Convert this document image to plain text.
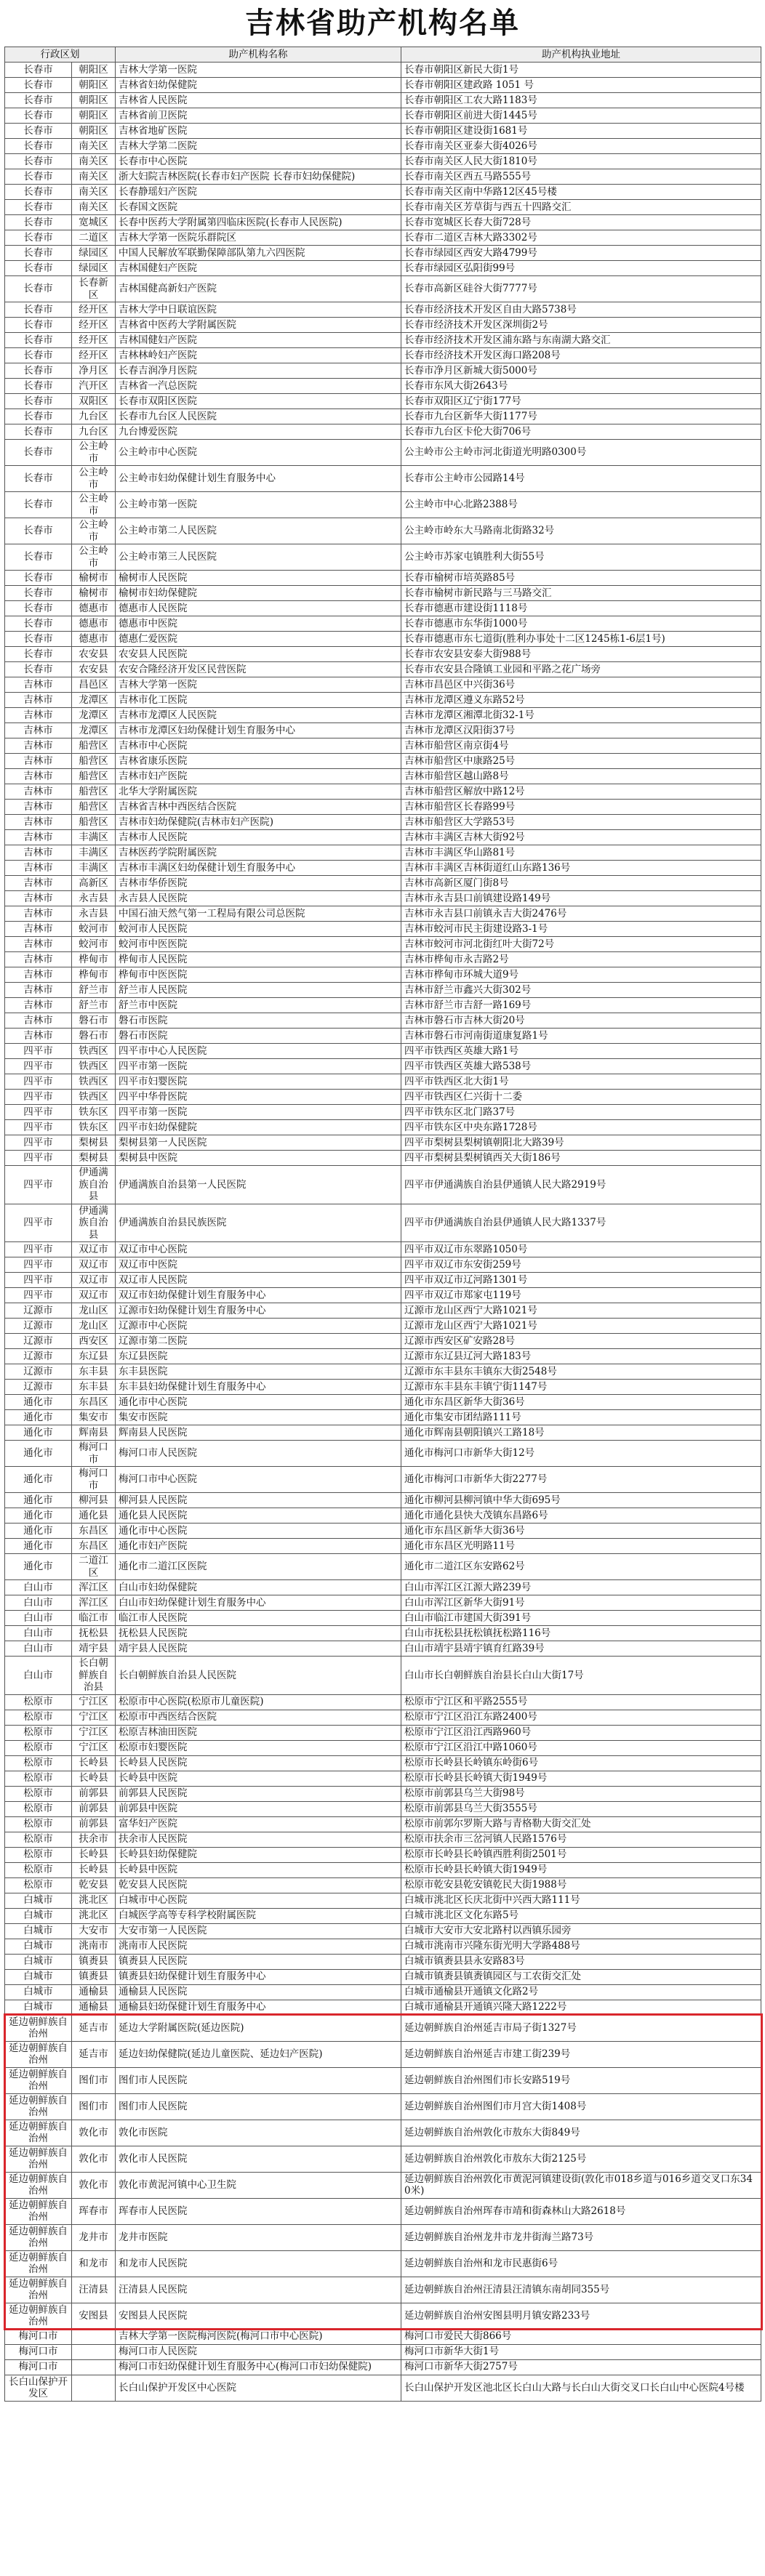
吉林省助产机构名单
行政区划		助产机构名称	助产机构执业地址
长春市	朝阳区	吉林大学第一医院	长春市朝阳区新民大街1号
长春市	朝阳区	吉林省妇幼保健院	长春市朝阳区建政路 1051 号
长春市	朝阳区	吉林省人民医院	长春市朝阳区工农大路1183号
长春市	朝阳区	吉林省前卫医院	长春市朝阳区前进大街1445号
长春市	朝阳区	吉林省地矿医院	长春市朝阳区建设街1681号
长春市	南关区	吉林大学第二医院	长春市南关区亚泰大街4026号
长春市	南关区	长春市中心医院	长春市南关区人民大街1810号
长春市	南关区	浙大妇院吉林医院(长春市妇产医院 长春市妇幼保健院)	长春市南关区西五马路555号
长春市	南关区	长春静瑶妇产医院	长春市南关区南中华路12区45号楼
长春市	南关区	长春国文医院	长春市南关区芳草街与西五十四路交汇
长春市	宽城区	长春中医药大学附属第四临床医院(长春市人民医院)	长春市宽城区长春大街728号
长春市	二道区	吉林大学第一医院乐群院区	长春市二道区吉林大路3302号
长春市	绿园区	中国人民解放军联勤保障部队第九六四医院	长春市绿园区西安大路4799号
长春市	绿园区	吉林国健妇产医院	长春市绿园区弘阳街99号
长春市	长春新区	吉林国健高新妇产医院	长春市高新区硅谷大街7777号
长春市	经开区	吉林大学中日联谊医院	长春市经济技术开发区自由大路5738号
长春市	经开区	吉林省中医药大学附属医院	长春市经济技术开发区深圳街2号
长春市	经开区	吉林国健妇产医院	长春市经济技术开发区浦东路与东南湖大路交汇
长春市	经开区	吉林林岭妇产医院	长春市经济技术开发区海口路208号
长春市	净月区	长春吉润净月医院	长春市净月区新城大街5000号
长春市	汽开区	吉林省一汽总医院	长春市东风大街2643号
长春市	双阳区	长春市双阳区医院	长春市双阳区辽宁街177号
长春市	九台区	长春市九台区人民医院	长春市九台区新华大街1177号
长春市	九台区	九台博爱医院	长春市九台区卡伦大街706号
长春市	公主岭市	公主岭市中心医院	公主岭市公主岭市河北街道光明路0300号
长春市	公主岭市	公主岭市妇幼保健计划生育服务中心	长春市公主岭市公园路14号
长春市	公主岭市	公主岭市第一医院	公主岭市中心北路2388号
长春市	公主岭市	公主岭市第二人民医院	公主岭市岭东大马路南北街路32号
长春市	公主岭市	公主岭市第三人民医院	公主岭市苏家屯镇胜利大街55号
长春市	榆树市	榆树市人民医院	长春市榆树市培英路85号
长春市	榆树市	榆树市妇幼保健院	长春市榆树市新民路与三马路交汇
长春市	德惠市	德惠市人民医院	长春市德惠市建设街1118号
长春市	德惠市	德惠市中医院	长春市德惠市东华街1000号
长春市	德惠市	德惠仁爱医院	长春市德惠市东七道街(胜利办事处十二区1245栋1-6层1号)
长春市	农安县	农安县人民医院	长春市农安县安泰大街988号
长春市	农安县	农安合隆经济开发区民营医院	长春市农安县合隆镇工业园和平路之花广场旁
吉林市	昌邑区	吉林大学第一医院	吉林市昌邑区中兴街36号
吉林市	龙潭区	吉林市化工医院	吉林市龙潭区遵义东路52号
吉林市	龙潭区	吉林市龙潭区人民医院	吉林市龙潭区湘潭北街32-1号
吉林市	龙潭区	吉林市龙潭区妇幼保健计划生育服务中心	吉林市龙潭区汉阳街37号
吉林市	船营区	吉林市中心医院	吉林市船营区南京街4号
吉林市	船营区	吉林省康乐医院	吉林市船营区中康路25号
吉林市	船营区	吉林市妇产医院	吉林市船营区越山路8号
吉林市	船营区	北华大学附属医院	吉林市船营区解放中路12号
吉林市	船营区	吉林省吉林中西医结合医院	吉林市船营区长春路99号
吉林市	船营区	吉林市妇幼保健院(吉林市妇产医院)	吉林市船营区大学路53号
吉林市	丰满区	吉林市人民医院	吉林市丰满区吉林大街92号
吉林市	丰满区	吉林医药学院附属医院	吉林市丰满区华山路81号
吉林市	丰满区	吉林市丰满区妇幼保健计划生育服务中心	吉林市丰满区吉林街道红山东路136号
吉林市	高新区	吉林市华侨医院	吉林市高新区厦门街8号
吉林市	永吉县	永吉县人民医院	吉林市永吉县口前镇建设路149号
吉林市	永吉县	中国石油天然气第一工程局有限公司总医院	吉林市永吉县口前镇永吉大街2476号
吉林市	蛟河市	蛟河市人民医院	吉林市蛟河市民主街建设路3-1号
吉林市	蛟河市	蛟河市中医医院	吉林市蛟河市河北街红叶大街72号
吉林市	桦甸市	桦甸市人民医院	吉林市桦甸市永吉路2号
吉林市	桦甸市	桦甸市中医医院	吉林市桦甸市环城大道9号
吉林市	舒兰市	舒兰市人民医院	吉林市舒兰市鑫兴大街302号
吉林市	舒兰市	舒兰市中医院	吉林市舒兰市吉舒一路169号
吉林市	磐石市	磐石市医院	吉林市磐石市吉林大街20号
吉林市	磐石市	磐石市医院	吉林市磐石市河南街道康复路1号
四平市	铁西区	四平市中心人民医院	四平市铁西区英雄大路1号
四平市	铁西区	四平市第一医院	四平市铁西区英雄大路538号
四平市	铁西区	四平市妇婴医院	四平市铁西区北大街1号
四平市	铁西区	四平中华骨医院	四平市铁西区仁兴街十二委
四平市	铁东区	四平市第一医院	四平市铁东区北门路37号
四平市	铁东区	四平市妇幼保健院	四平市铁东区中央东路1728号
四平市	梨树县	梨树县第一人民医院	四平市梨树县梨树镇朝阳北大路39号
四平市	梨树县	梨树县中医院	四平市梨树县梨树镇西关大街186号
四平市	伊通满族自治县	伊通满族自治县第一人民医院	四平市伊通满族自治县伊通镇人民大路2919号
四平市	伊通满族自治县	伊通满族自治县民族医院	四平市伊通满族自治县伊通镇人民大路1337号
四平市	双辽市	双辽市中心医院	四平市双辽市东翠路1050号
四平市	双辽市	双辽市中医院	四平市双辽市东安街259号
四平市	双辽市	双辽市人民医院	四平市双辽市辽河路1301号
四平市	双辽市	双辽市妇幼保健计划生育服务中心	四平市双辽市郑家屯119号
辽源市	龙山区	辽源市妇幼保健计划生育服务中心	辽源市龙山区西宁大路1021号
辽源市	龙山区	辽源市中心医院	辽源市龙山区西宁大路1021号
辽源市	西安区	辽源市第二医院	辽源市西安区矿安路28号
辽源市	东辽县	东辽县医院	辽源市东辽县辽河大路183号
辽源市	东丰县	东丰县医院	辽源市东丰县东丰镇东大街2548号
辽源市	东丰县	东丰县妇幼保健计划生育服务中心	辽源市东丰县东丰镇宁街1147号
通化市	东昌区	通化市中心医院	通化市东昌区新华大街36号
通化市	集安市	集安市医院	通化市集安市团结路111号
通化市	辉南县	辉南县人民医院	通化市辉南县朝阳镇兴工路18号
通化市	梅河口市	梅河口市人民医院	通化市梅河口市新华大街12号
通化市	梅河口市	梅河口市中心医院	通化市梅河口市新华大街2277号
通化市	柳河县	柳河县人民医院	通化市柳河县柳河镇中华大街695号
通化市	通化县	通化县人民医院	通化市通化县快大茂镇东昌路6号
通化市	东昌区	通化市中心医院	通化市东昌区新华大街36号
通化市	东昌区	通化市妇产医院	通化市东昌区光明路11号
通化市	二道江区	通化市二道江区医院	通化市二道江区东安路62号
白山市	浑江区	白山市妇幼保健院	白山市浑江区江源大路239号
白山市	浑江区	白山市妇幼保健计划生育服务中心	白山市浑江区新华大街91号
白山市	临江市	临江市人民医院	白山市临江市建国大街391号
白山市	抚松县	抚松县人民医院	白山市抚松县抚松镇抚松路116号
白山市	靖宇县	靖宇县人民医院	白山市靖宇县靖宇镇育红路39号
白山市	长白朝鲜族自治县	长白朝鲜族自治县人民医院	白山市长白朝鲜族自治县长白山大街17号
松原市	宁江区	松原市中心医院(松原市儿童医院)	松原市宁江区和平路2555号
松原市	宁江区	松原市中西医结合医院	松原市宁江区沿江东路2400号
松原市	宁江区	松原吉林油田医院	松原市宁江区沿江西路960号
松原市	宁江区	松原市妇婴医院	松原市宁江区沿江中路1060号
松原市	长岭县	长岭县人民医院	松原市长岭县长岭镇东岭街6号
松原市	长岭县	长岭县中医院	松原市长岭县长岭镇大街1949号
松原市	前郭县	前郭县人民医院	松原市前郭县乌兰大街98号
松原市	前郭县	前郭县中医院	松原市前郭县乌兰大街3555号
松原市	前郭县	富华妇产医院	松原市前郭尔罗斯大路与青格勒大街交汇处
松原市	扶余市	扶余市人民医院	松原市扶余市三岔河镇人民路1576号
松原市	长岭县	长岭县妇幼保健院	松原市长岭县长岭镇西胜利街2501号
松原市	长岭县	长岭县中医院	松原市长岭县长岭镇大街1949号
松原市	乾安县	乾安县人民医院	松原市乾安县乾安镇乾民大街1988号
白城市	洮北区	白城市中心医院	白城市洮北区长庆北街中兴西大路111号
白城市	洮北区	白城医学高等专科学校附属医院	白城市洮北区文化东路5号
白城市	大安市	大安市第一人民医院	白城市大安市大安北路村以西镇乐园旁
白城市	洮南市	洮南市人民医院	白城市洮南市兴隆东街光明大学路488号
白城市	镇赉县	镇赉县人民医院	白城市镇赉县县永安路83号
白城市	镇赉县	镇赉县妇幼保健计划生育服务中心	白城市镇赉县镇赉镇园区与工农街交汇处
白城市	通榆县	通榆县人民医院	白城市通榆县开通镇文化路2号
白城市	通榆县	通榆县妇幼保健计划生育服务中心	白城市通榆县开通镇兴隆大路1222号
延边朝鲜族自治州	延吉市	延边大学附属医院(延边医院)	延边朝鲜族自治州延吉市局子街1327号
延边朝鲜族自治州	延吉市	延边妇幼保健院(延边儿童医院、延边妇产医院)	延边朝鲜族自治州延吉市建工街239号
延边朝鲜族自治州	图们市	图们市人民医院	延边朝鲜族自治州图们市长安路519号
延边朝鲜族自治州	图们市	图们市人民医院	延边朝鲜族自治州图们市月宫大街1408号
延边朝鲜族自治州	敦化市	敦化市医院	延边朝鲜族自治州敦化市敖东大街849号
延边朝鲜族自治州	敦化市	敦化市人民医院	延边朝鲜族自治州敦化市敖东大街2125号
延边朝鲜族自治州	敦化市	敦化市黄泥河镇中心卫生院	延边朝鲜族自治州敦化市黄泥河镇建设街(敦化市018乡道与016乡道交叉口东340米)
延边朝鲜族自治州	珲春市	珲春市人民医院	延边朝鲜族自治州珲春市靖和街森林山大路2618号
延边朝鲜族自治州	龙井市	龙井市医院	延边朝鲜族自治州龙井市龙井街海兰路73号
延边朝鲜族自治州	和龙市	和龙市人民医院	延边朝鲜族自治州和龙市民惠街6号
延边朝鲜族自治州	汪清县	汪清县人民医院	延边朝鲜族自治州汪清县汪清镇东南胡同355号
延边朝鲜族自治州	安图县	安图县人民医院	延边朝鲜族自治州安图县明月镇安路233号
梅河口市		吉林大学第一医院梅河医院(梅河口市中心医院)	梅河口市爱民大街866号
梅河口市		梅河口市人民医院	梅河口市新华大街1号
梅河口市		梅河口市妇幼保健计划生育服务中心(梅河口市妇幼保健院)	梅河口市新华大街2757号
长白山保护开发区		长白山保护开发区中心医院	长白山保护开发区池北区长白山大路与长白山大街交叉口长白山中心医院4号楼
